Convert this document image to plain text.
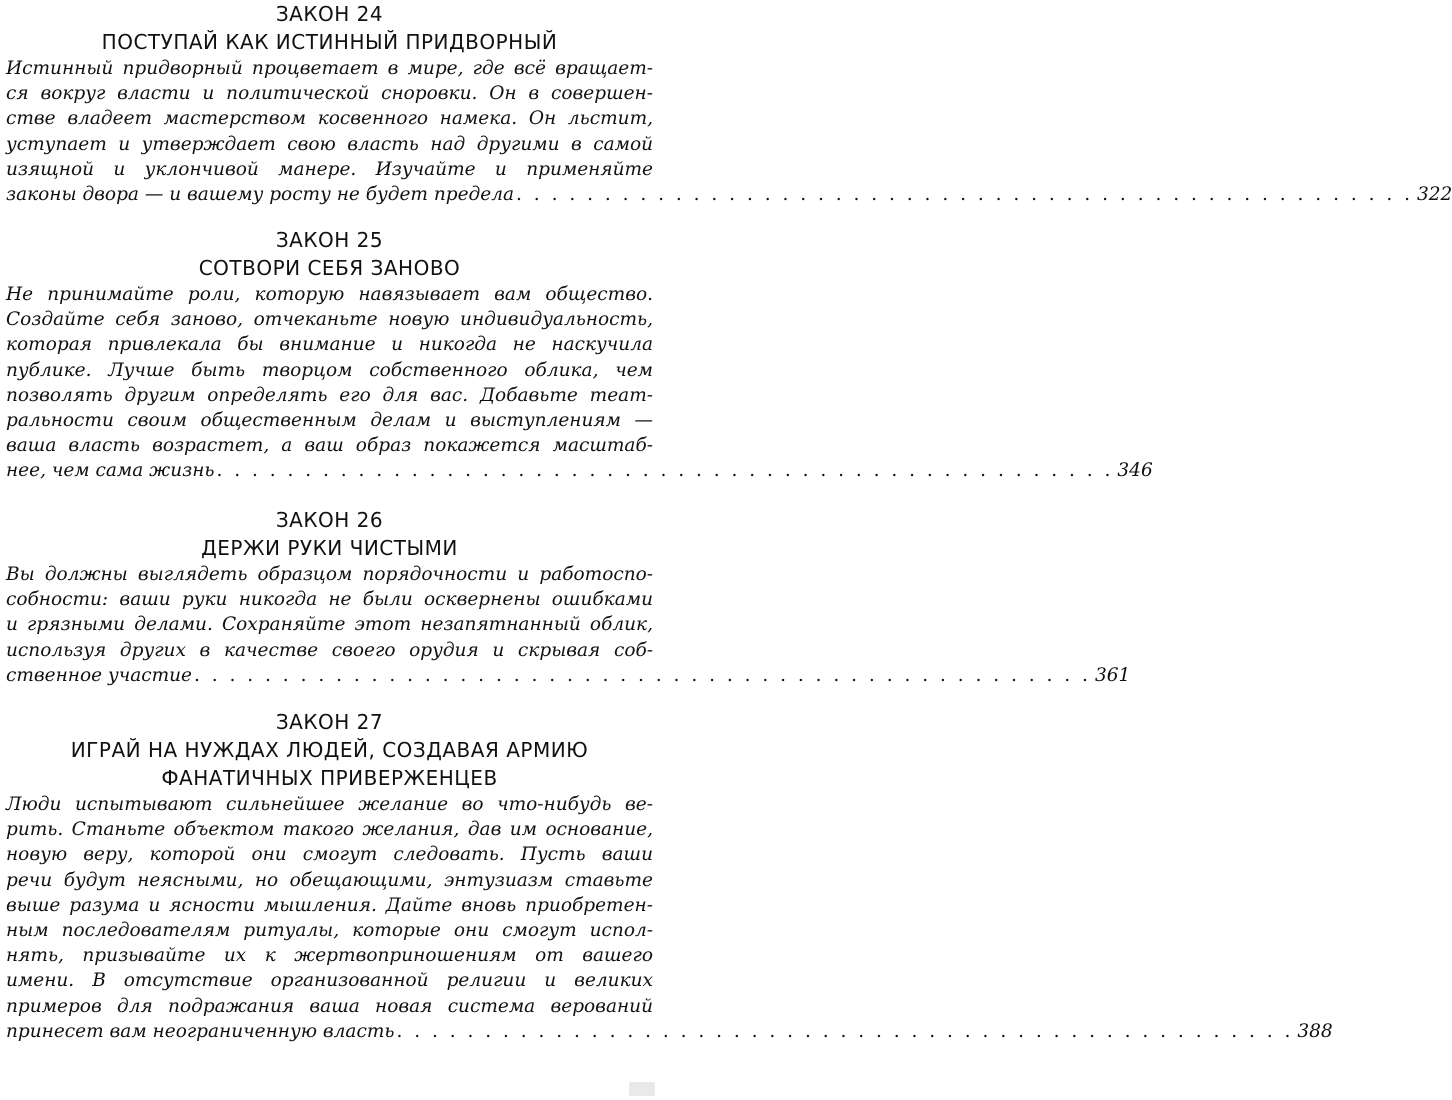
ЗАКОН 24

ПОСТУПАЙ КАК ИСТИННЫЙ ПРИДВОРНЫЙ

Истинный придворный процветает в мире, где всё вращает-
ся вокруг власти и политической сноровки. Он в совершен-
стве владеет мастерством косвенного намека. Он льстит,
уступает и утверждает свою власть над другими в самой
изящной и уклончивой манере. Изучайте и применяйте
законы двора — и вашему росту не будет предела . . . . . . . . . . . . . . . . . . . . . . . . . . . . . . . . . . . . . . . . . . . . . . . . . . . 322

ЗАКОН 25

СОТВОРИ СЕБЯ ЗАНОВО

Не принимайте роли, которую навязывает вам общество.
Создайте себя заново, отчеканьте новую индивидуальность,
которая привлекала бы внимание и никогда не наскучила
публике. Лучше быть творцом собственного облика, чем
позволять другим определять его для вас. Добавьте теат-
ральности своим общественным делам и выступлениям —
ваша власть возрастет, а ваш образ покажется масштаб-
нее, чем сама жизнь . . . . . . . . . . . . . . . . . . . . . . . . . . . . . . . . . . . . . . . . . . . . . . . . . . . 346

ЗАКОН 26

ДЕРЖИ РУКИ ЧИСТЫМИ

Вы должны выглядеть образцом порядочности и работоспо-
собности: ваши руки никогда не были осквернены ошибками
и грязными делами. Сохраняйте этот незапятнанный облик,
используя других в качестве своего орудия и скрывая соб-
ственное участие . . . . . . . . . . . . . . . . . . . . . . . . . . . . . . . . . . . . . . . . . . . . . . . . . . . 361

ЗАКОН 27

ИГРАЙ НА НУЖДАХ ЛЮДЕЙ, СОЗДАВАЯ АРМИЮ

ФАНАТИЧНЫХ ПРИВЕРЖЕНЦЕВ

Люди испытывают сильнейшее желание во что-нибудь ве-
рить. Станьте объектом такого желания, дав им основание,
новую веру, которой они смогут следовать. Пусть ваши
речи будут неясными, но обещающими, энтузиазм ставьте
выше разума и ясности мышления. Дайте вновь приобретен-
ным последователям ритуалы, которые они смогут испол-
нять, призывайте их к жертвоприношениям от вашего
имени. В отсутствие организованной религии и великих
примеров для подражания ваша новая система верований
принесет вам неограниченную власть . . . . . . . . . . . . . . . . . . . . . . . . . . . . . . . . . . . . . . . . . . . . . . . . . . . 388
